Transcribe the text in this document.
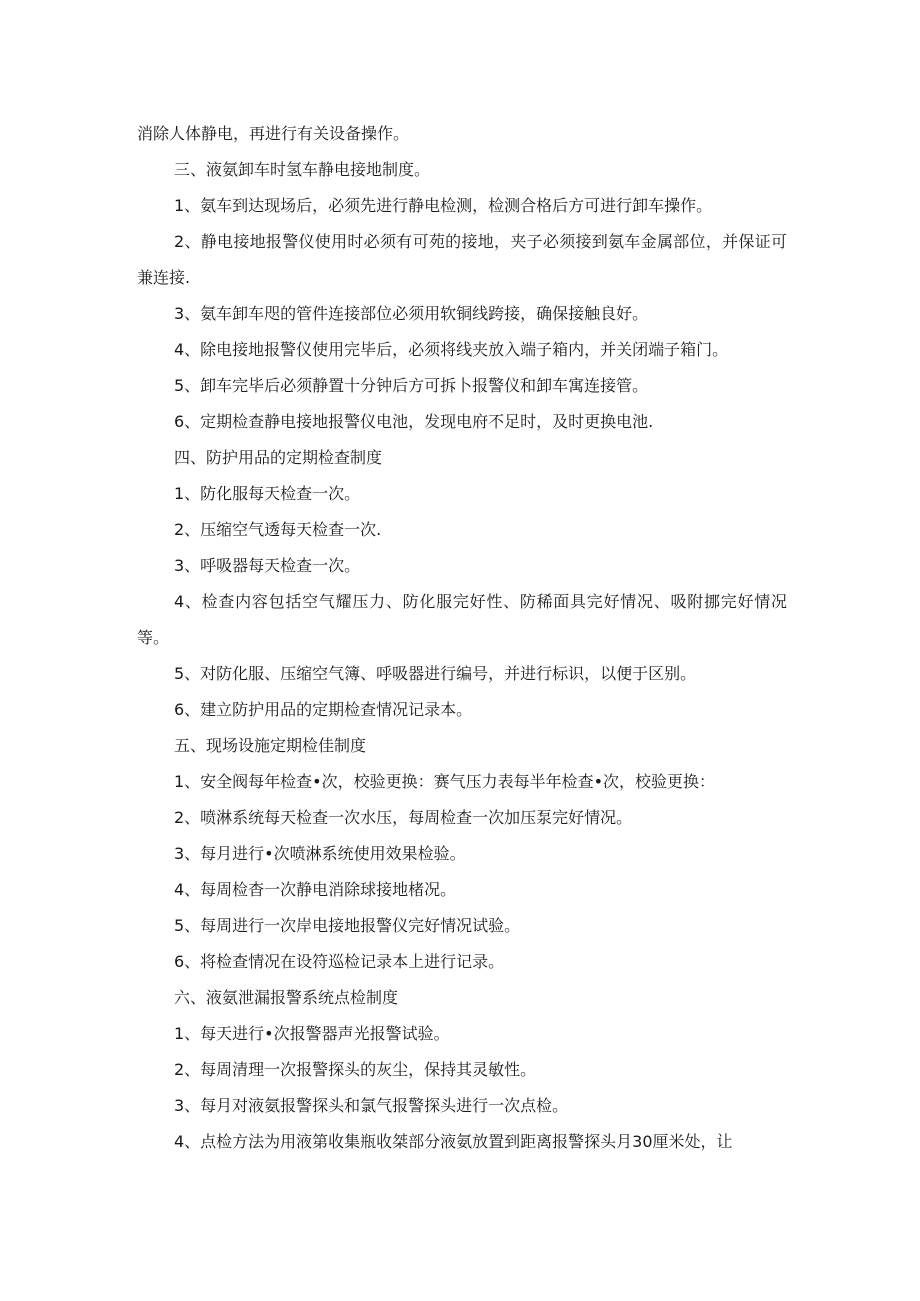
消除人体静电，再进行有关设备操作。

三、液氨卸车时氢车静电接地制度。

1、氨车到达现场后，必须先进行静电检测，检测合格后方可进行卸车操作。

2、静电接地报警仪使用时必须有可苑的接地，夹子必须接到氨车金属部位，并保证可兼连接.

3、氨车卸车咫的管件连接部位必须用软铜线跨接，确保接触良好。

4、除电接地报警仪使用完毕后，必须将线夹放入端子箱内，并关闭端子箱门。

5、卸车完毕后必须静置十分钟后方可拆卜报警仪和卸车寓连接管。

6、定期检查静电接地报警仪电池，发现电府不足时，及时更换电池.

四、防护用品的定期检查制度

1、防化服每天检查一次。

2、压缩空气透每天检查一次.

3、呼吸器每天检查一次。

4、检查内容包括空气耀压力、防化服完好性、防稀面具完好情况、吸附挪完好情况等。

5、对防化服、压缩空气簿、呼吸器进行编号，并进行标识，以便于区别。

6、建立防护用品的定期检查情况记录本。

五、现场设施定期检佳制度

1、安全阀每年检查•次，校验更换：赛气压力表每半年检查•次，校验更换：

2、喷淋系统每天检查一次水压，每周检查一次加压泵完好情况。

3、每月进行•次喷淋系统使用效果检验。

4、每周检杳一次静电消除球接地楮况。

5、每周进行一次岸电接地报警仪完好情况试验。

6、将检查情况在设符巡检记录本上进行记录。

六、液氨泄漏报警系统点检制度

1、每天进行•次报警器声光报警试验。

2、每周清理一次报警探头的灰尘，保持其灵敏性。

3、每月对液氨报警探头和氯气报警探头进行一次点检。

4、点检方法为用液第收集瓶收桀部分液氨放置到距离报警探头月30厘米处，让
